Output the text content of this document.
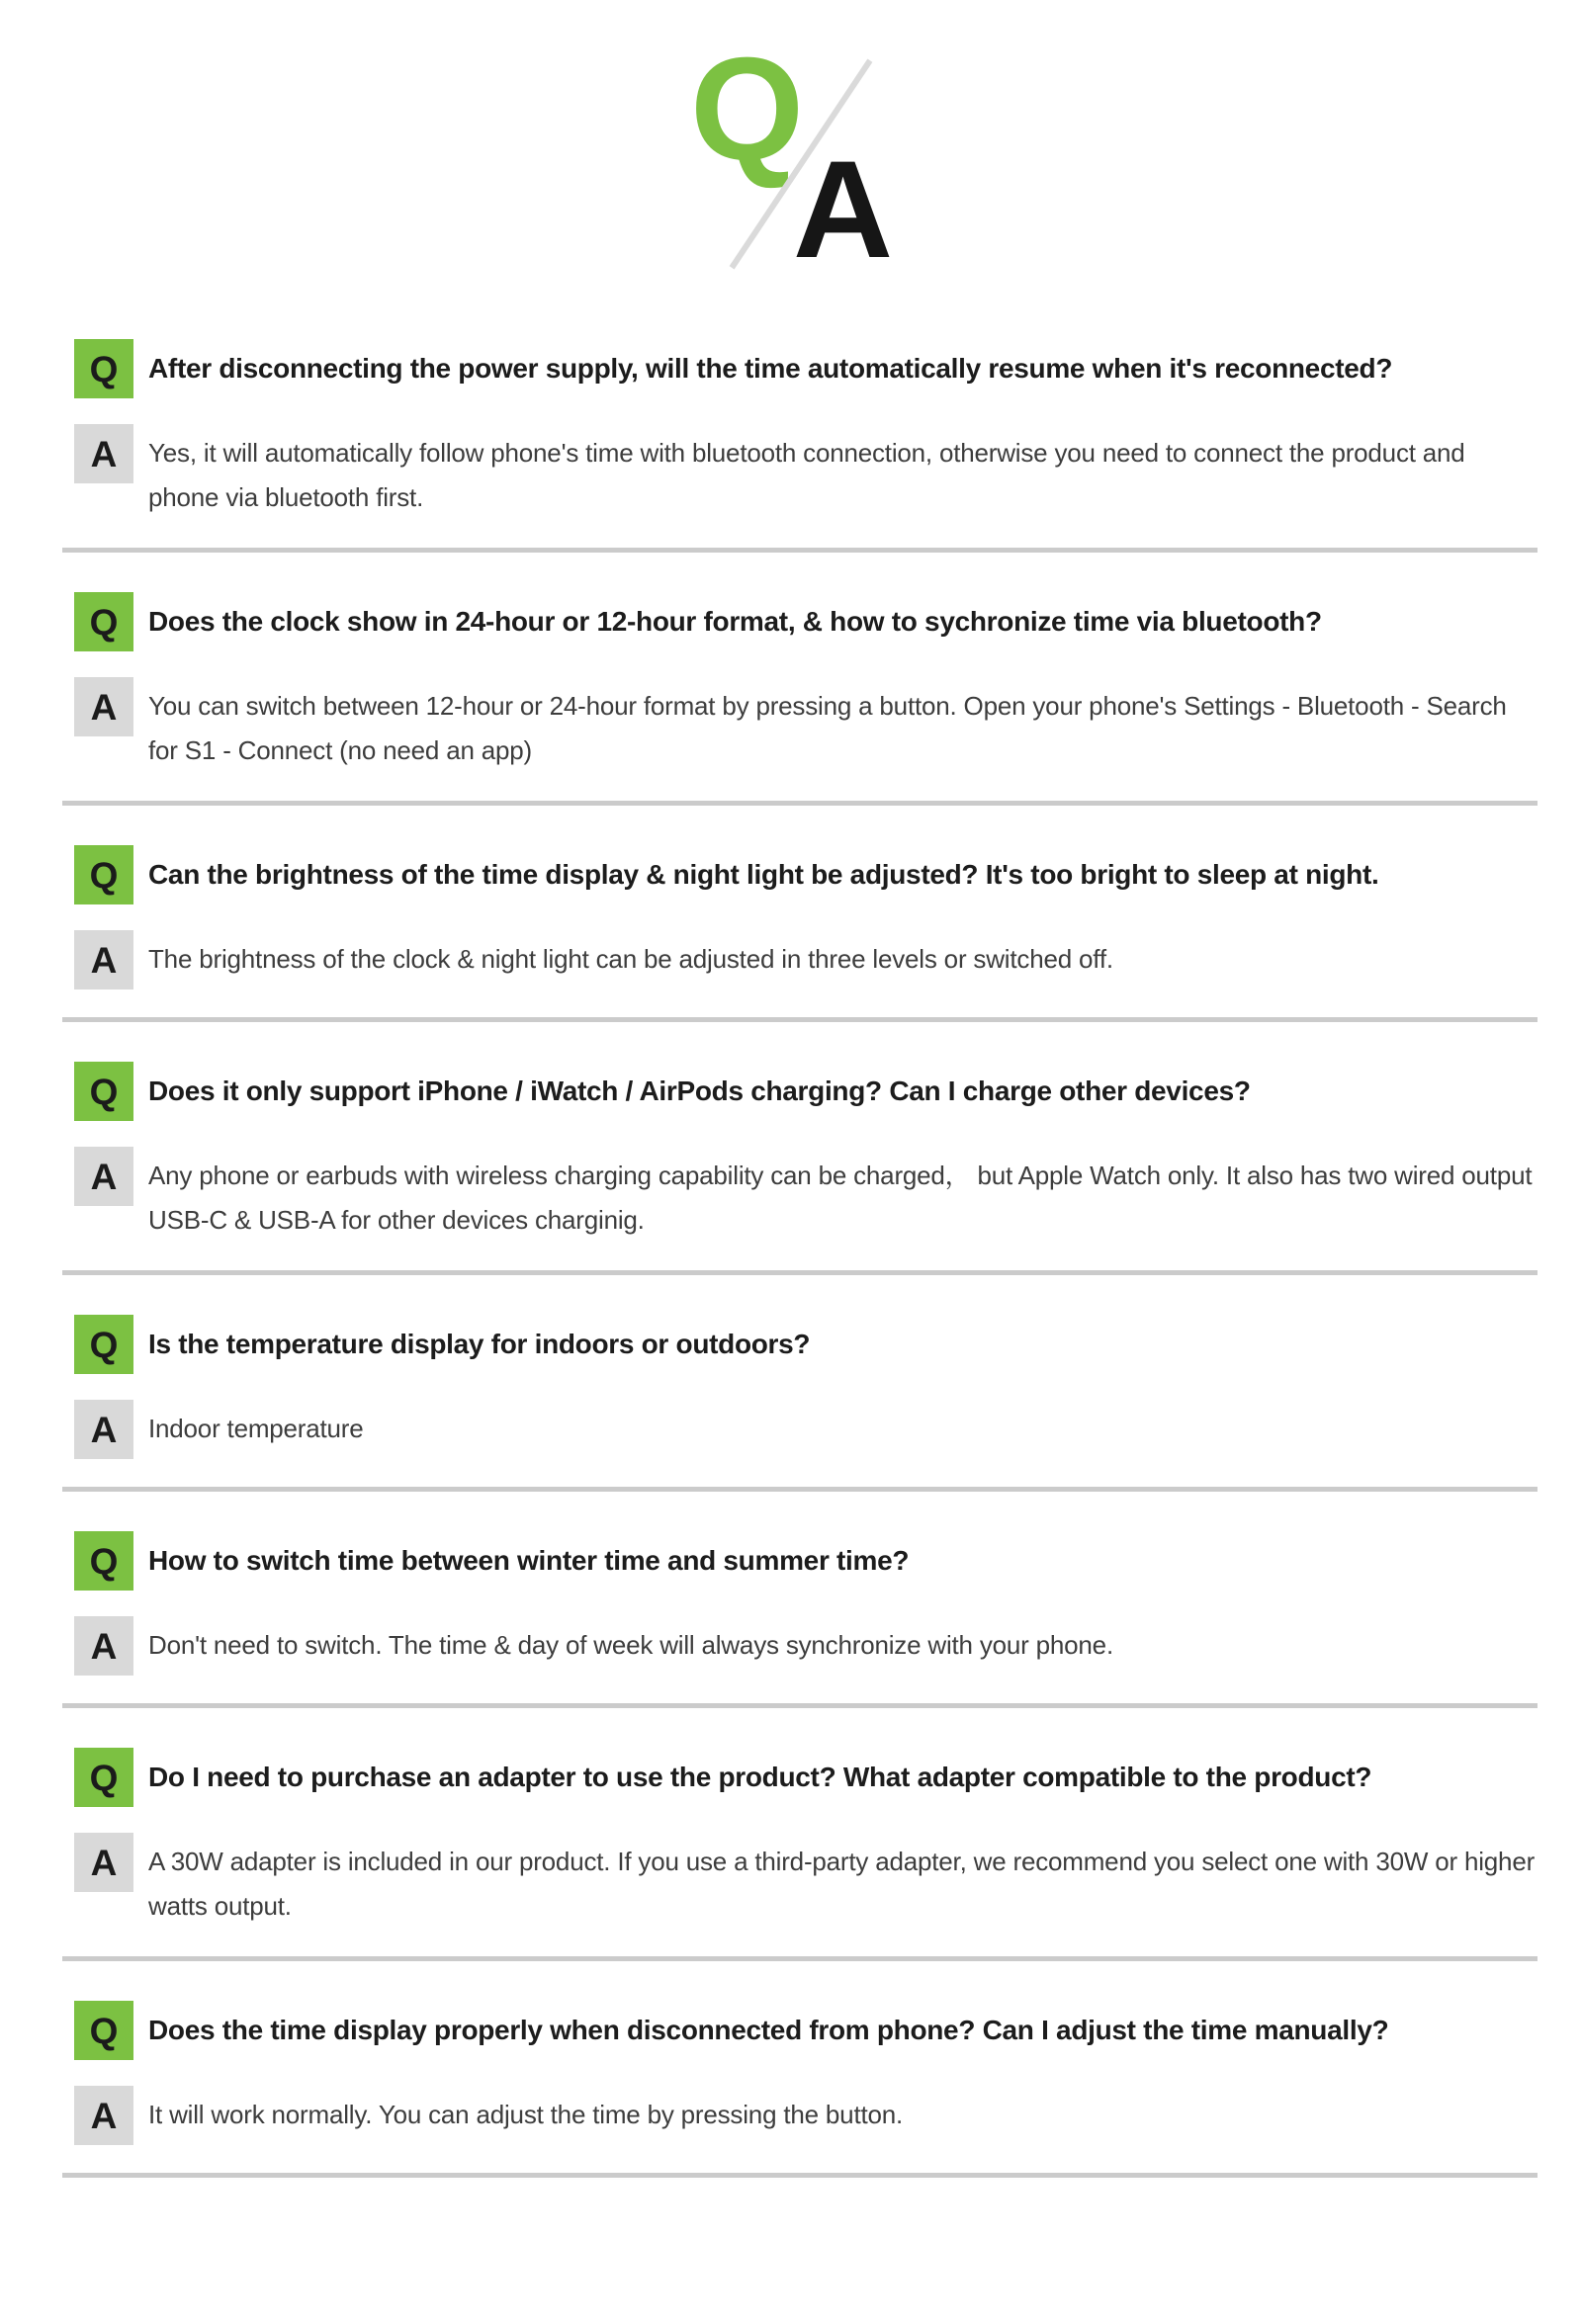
Q
A
Q	After disconnecting the power supply, will the time automatically resume when it's reconnected?
A	Yes, it will automatically follow phone's time with bluetooth connection, otherwise you need to connect the product and phone via bluetooth first.
Q	Does the clock show in 24-hour or 12-hour format, & how to sychronize time via bluetooth?
A	You can switch between 12-hour or 24-hour format by pressing a button. Open your phone's Settings - Bluetooth - Search for S1 - Connect (no need an app)
Q	Can the brightness of the time display & night light be adjusted? It's too bright to sleep at night.
A	The brightness of the clock & night light can be adjusted in three levels or switched off.
Q	Does it only support iPhone / iWatch / AirPods charging? Can I charge other devices?
A	Any phone or earbuds with wireless charging capability can be charged， but Apple Watch only. It also has two wired output USB-C & USB-A for other devices charginig.
Q	Is the temperature display for indoors or outdoors?
A	Indoor temperature
Q	How to switch time between winter time and summer time?
A	Don't need to switch. The time & day of week will always synchronize with your phone.
Q	Do I need to purchase an adapter to use the product? What adapter compatible to the product?
A	A 30W adapter is included in our product. If you use a third-party adapter, we recommend you select one with 30W or higher watts output.
Q	Does the time display properly when disconnected from phone? Can I adjust the time manually?
A	It will work normally. You can adjust the time by pressing the button.
